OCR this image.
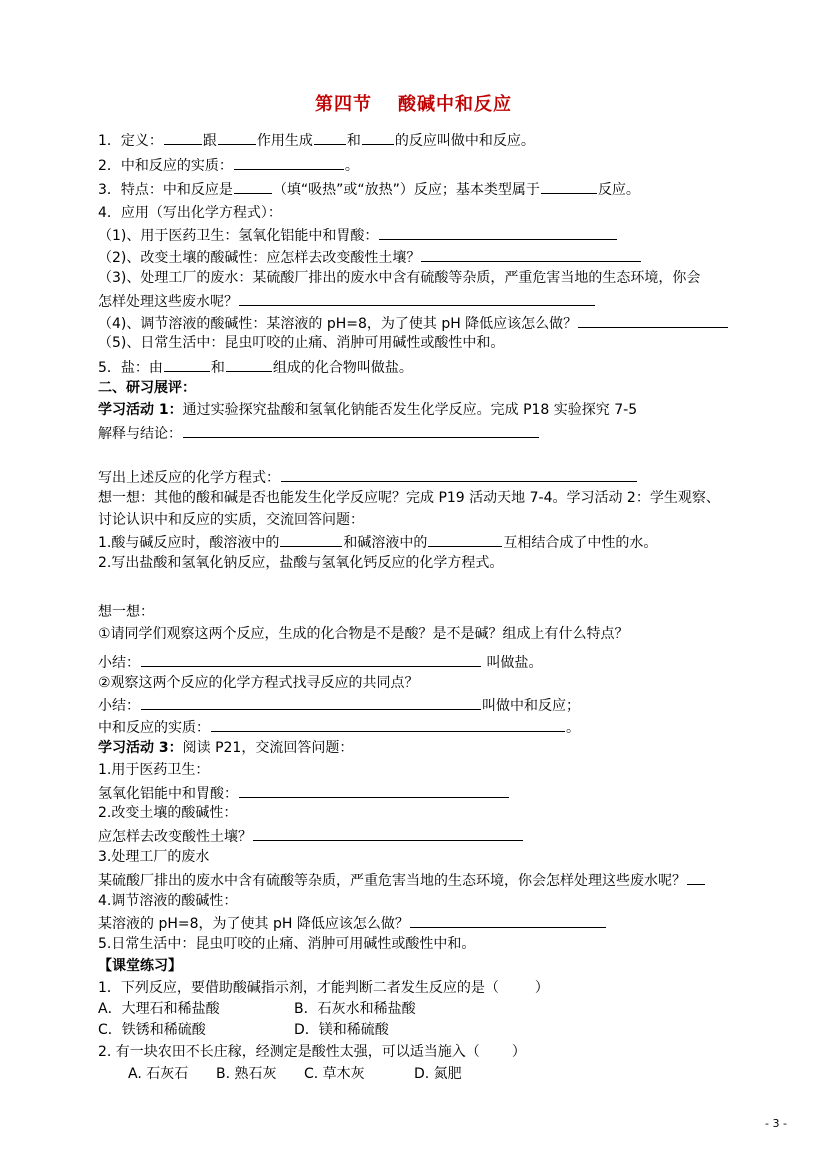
第四节 酸碱中和反应
1．定义：	跟	作用生成 和 的反应叫做中和反应。
2．中和反应的实质：	。
3．特点：中和反应是	（填“吸热”或“放热”）反应；基本类型属于	反应。
4．应用（写出化学方程式）：
（1)、用于医药卫生：氢氧化铝能中和胃酸：
（2)、改变土壤的酸碱性：应怎样去改变酸性土壤？
（3)、处理工厂的废水：某硫酸厂排出的废水中含有硫酸等杂质，严重危害当地的生态环境，你会
怎样处理这些废水呢？
（4)、调节溶液的酸碱性：某溶液的 pH=8，为了使其 pH 降低应该怎么做？
（5)、日常生活中：昆虫叮咬的止痛、消肿可用碱性或酸性中和。
5．盐：由	和	组成的化合物叫做盐。
二、研习展评：
学习活动 1：通过实验探究盐酸和氢氧化钠能否发生化学反应。完成 P18 实验探究 7-5
解释与结论：
写出上述反应的化学方程式：
想一想：其他的酸和碱是否也能发生化学反应呢？完成 P19 活动天地 7-4。学习活动 2：学生观察、
讨论认识中和反应的实质，交流回答问题：
1.酸与碱反应时，酸溶液中的	和碱溶液中的	互相结合成了中性的水。
2.写出盐酸和氢氧化钠反应，盐酸与氢氧化钙反应的化学方程式。
想一想：
①请同学们观察这两个反应，生成的化合物是不是酸？是不是碱？组成上有什么特点？
小结：	叫做盐。
②观察这两个反应的化学方程式找寻反应的共同点？
小结：	叫做中和反应；
中和反应的实质：	。
学习活动 3：阅读 P21，交流回答问题：
1.用于医药卫生：
氢氧化铝能中和胃酸：
2.改变土壤的酸碱性：
应怎样去改变酸性土壤？
3.处理工厂的废水
某硫酸厂排出的废水中含有硫酸等杂质，严重危害当地的生态环境，你会怎样处理这些废水呢？
4.调节溶液的酸碱性：
某溶液的 pH=8，为了使其 pH 降低应该怎么做？
5.日常生活中：昆虫叮咬的止痛、消肿可用碱性或酸性中和。
【课堂练习】
1．下列反应，要借助酸碱指示剂，才能判断二者发生反应的是（	）
A．大理石和稀盐酸	B．石灰水和稀盐酸
C．铁锈和稀硫酸	D．镁和稀硫酸
2. 有一块农田不长庄稼，经测定是酸性太强，可以适当施入（ ）
A. 石灰石 B. 熟石灰 C. 草木灰	D. 氮肥
- 3 -
